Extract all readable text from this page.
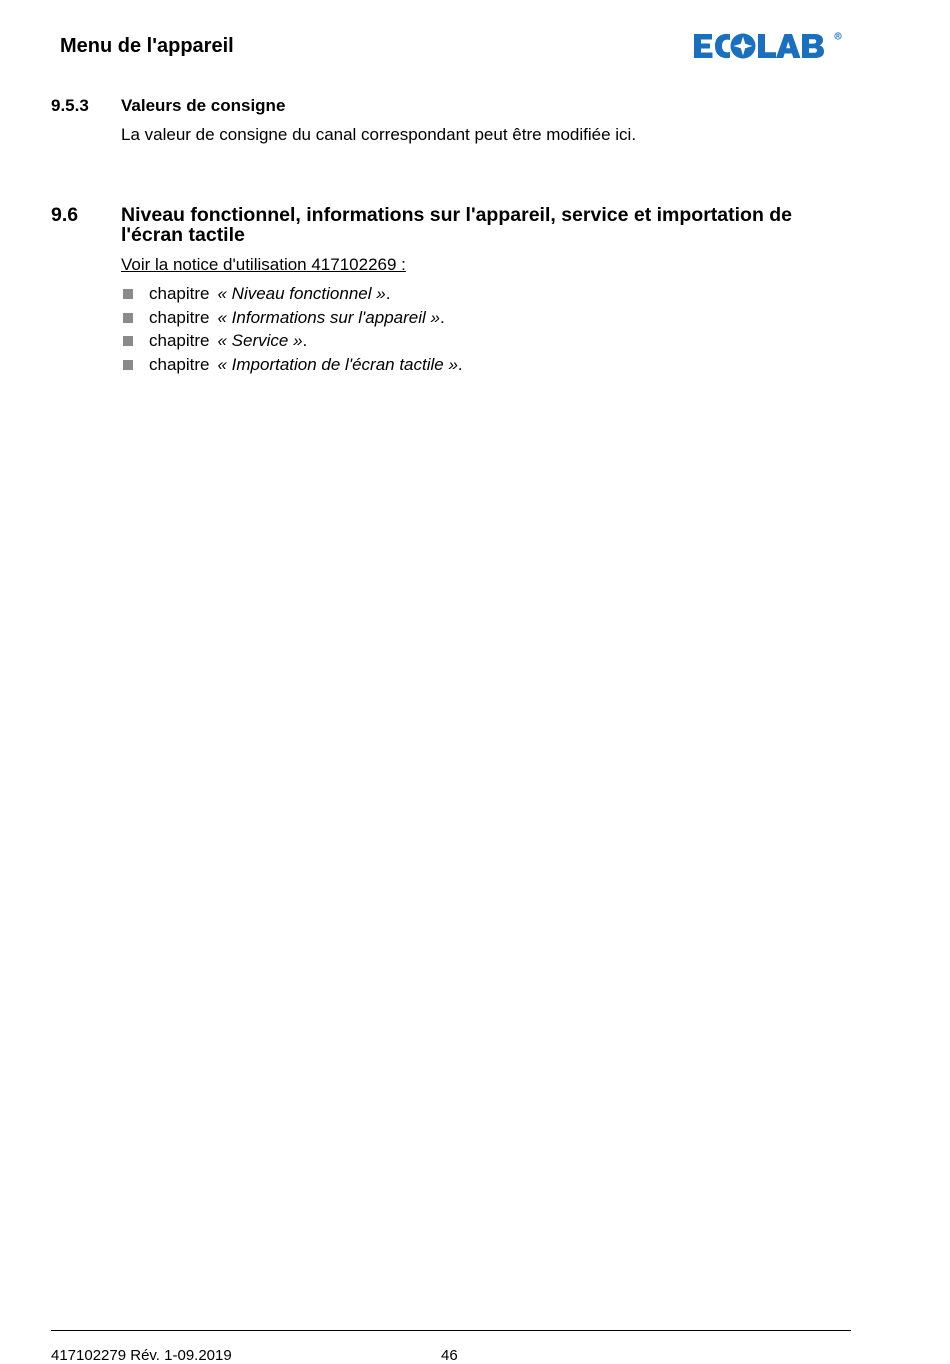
Menu de l'appareil
9.5.3 Valeurs de consigne
La valeur de consigne du canal correspondant peut être modifiée ici.
9.6 Niveau fonctionnel, informations sur l'appareil, service et importation de
l'écran tactile
Voir la notice d'utilisation 417102269 :
chapitre « Niveau fonctionnel ».
chapitre « Informations sur l'appareil ».
chapitre « Service ».
chapitre « Importation de l'écran tactile ».
417102279 Rév. 1-09.2019	46
